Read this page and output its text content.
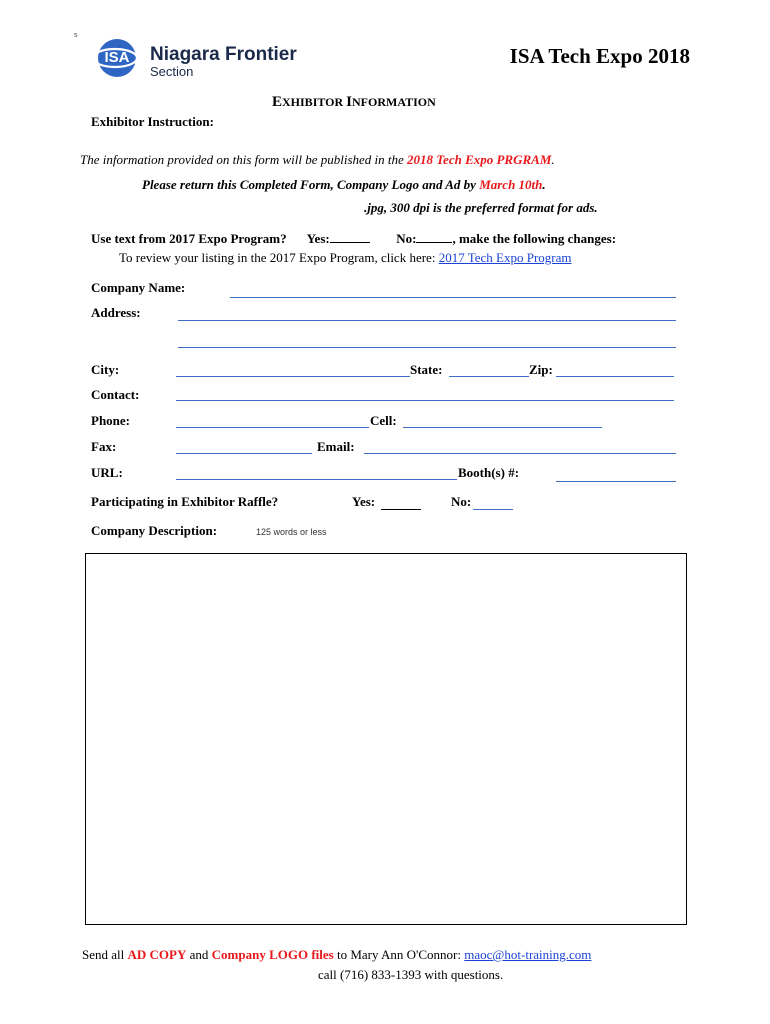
s
ISA	Niagara Frontier
Section
ISA Tech Expo 2018
EXHIBITOR INFORMATION
Exhibitor Instruction:
The information provided on this form will be published in the 2018 Tech Expo PRGRAM.
Please return this Completed Form, Company Logo and Ad by March 10th.
.jpg, 300 dpi is the preferred format for ads.
Use text from 2017 Expo Program? Yes:	No:	, make the following changes:
To review your listing in the 2017 Expo Program, click here: 2017 Tech Expo Program
Company Name:
Address:
City:	State:	Zip:
Contact:
Phone:	Cell:
Fax:	Email:
URL:	Booth(s) #:
Participating in Exhibitor Raffle?	Yes:	No:
Company Description:	125 words or less
Send all AD COPY and Company LOGO files to Mary Ann O'Connor: maoc@hot-training.com
call (716) 833-1393 with questions.
